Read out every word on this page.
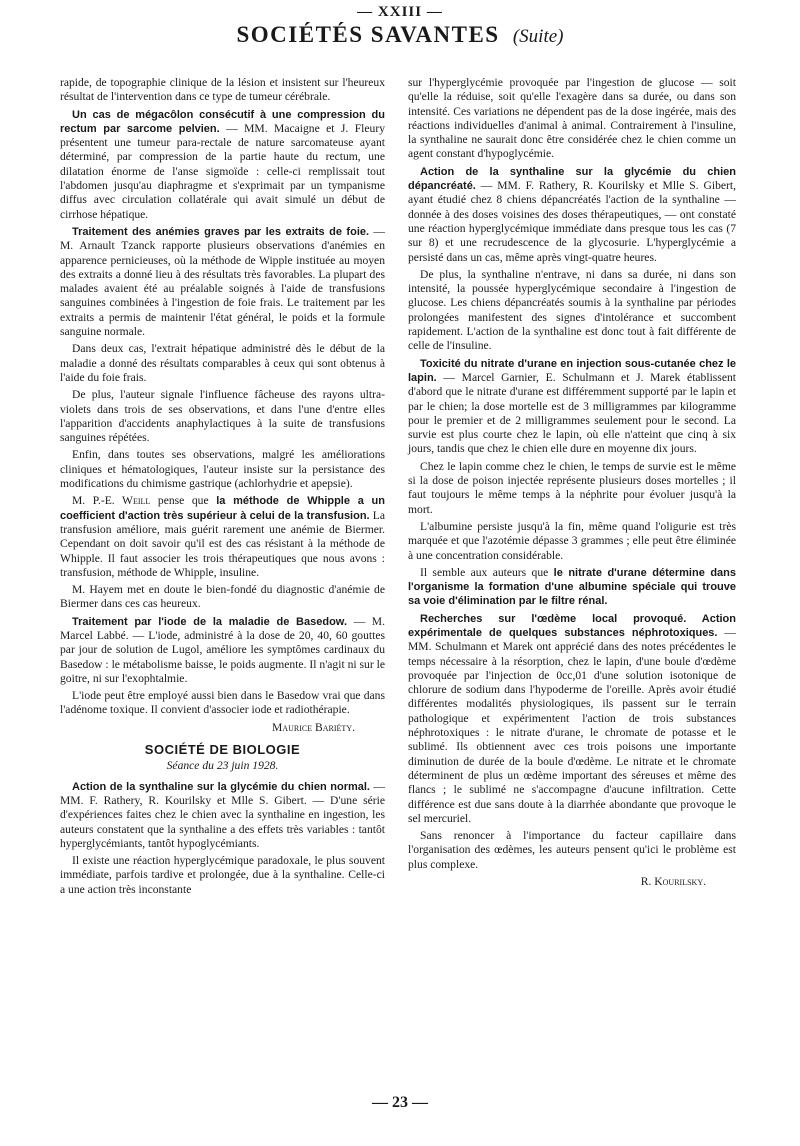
— XXIII —
SOCIÉTÉS SAVANTES (Suite)

rapide, de topographie clinique de la lésion et insistent sur l'heureux résultat de l'intervention dans ce type de tumeur cérébrale.

Un cas de mégacôlon consécutif à une compression du rectum par sarcome pelvien. — MM. Macaigne et J. Fleury présentent une tumeur para-rectale de nature sarcomateuse ayant déterminé, par compression de la partie haute du rectum, une dilatation énorme de l'anse sigmoïde : celle-ci remplissait tout l'abdomen jusqu'au diaphragme et s'exprimait par un tympanisme diffus avec circulation collatérale qui avait simulé un début de cirrhose hépatique.

Traitement des anémies graves par les extraits de foie. — M. Arnault Tzanck rapporte plusieurs observations d'anémies en apparence pernicieuses, où la méthode de Wipple instituée au moyen des extraits a donné lieu à des résultats très favorables. La plupart des malades avaient été au préalable soignés à l'aide de transfusions sanguines combinées à l'ingestion de foie frais. Le traitement par les extraits a permis de maintenir l'état général, le poids et la formule sanguine normale.

Dans deux cas, l'extrait hépatique administré dès le début de la maladie a donné des résultats comparables à ceux qui sont obtenus à l'aide du foie frais.

De plus, l'auteur signale l'influence fâcheuse des rayons ultra-violets dans trois de ses observations, et dans l'une d'entre elles l'apparition d'accidents anaphylactiques à la suite de transfusions sanguines répétées.

Enfin, dans toutes ses observations, malgré les améliorations cliniques et hématologiques, l'auteur insiste sur la persistance des modifications du chimisme gastrique (achlorhydrie et apepsie).

M. P.-E. Weill pense que la méthode de Whipple a un coefficient d'action très supérieur à celui de la transfusion. La transfusion améliore, mais guérit rarement une anémie de Biermer. Cependant on doit savoir qu'il est des cas résistant à la méthode de Whipple. Il faut associer les trois thérapeutiques que nous avons : transfusion, méthode de Whipple, insuline.

M. Hayem met en doute le bien-fondé du diagnostic d'anémie de Biermer dans ces cas heureux.

Traitement par l'iode de la maladie de Basedow. — M. Marcel Labbé. — L'iode, administré à la dose de 20, 40, 60 gouttes par jour de solution de Lugol, améliore les symptômes cardinaux du Basedow : le métabolisme baisse, le poids augmente. Il n'agit ni sur le goitre, ni sur l'exophtalmie.

L'iode peut être employé aussi bien dans le Basedow vrai que dans l'adénome toxique. Il convient d'associer iode et radiothérapie.

Maurice Bariéty.
SOCIÉTÉ DE BIOLOGIE
Séance du 23 juin 1928.

Action de la synthaline sur la glycémie du chien normal. — MM. F. Rathery, R. Kourilsky et Mlle S. Gibert. — D'une série d'expériences faites chez le chien avec la synthaline en ingestion, les auteurs constatent que la synthaline a des effets très variables : tantôt hyperglycémiants, tantôt hypoglycémiants.

Il existe une réaction hyperglycémique paradoxale, le plus souvent immédiate, parfois tardive et prolongée, due à la synthaline. Celle-ci a une action très inconstante

sur l'hyperglycémie provoquée par l'ingestion de glucose — soit qu'elle la réduise, soit qu'elle l'exagère dans sa durée, ou dans son intensité. Ces variations ne dépendent pas de la dose ingérée, mais des réactions individuelles d'animal à animal. Contrairement à l'insuline, la synthaline ne saurait donc être considérée chez le chien comme un agent constant d'hypoglycémie.

Action de la synthaline sur la glycémie du chien dépancréaté. — MM. F. Rathery, R. Kourilsky et Mlle S. Gibert, ayant étudié chez 8 chiens dépancréatés l'action de la synthaline — donnée à des doses voisines des doses thérapeutiques, — ont constaté une réaction hyperglycémique immédiate dans presque tous les cas (7 sur 8) et une recrudescence de la glycosurie. L'hyperglycémie a persisté dans un cas, même après vingt-quatre heures.

De plus, la synthaline n'entrave, ni dans sa durée, ni dans son intensité, la poussée hyperglycémique secondaire à l'ingestion de glucose. Les chiens dépancréatés soumis à la synthaline par périodes prolongées manifestent des signes d'intolérance et succombent rapidement. L'action de la synthaline est donc tout à fait différente de celle de l'insuline.

Toxicité du nitrate d'urane en injection sous-cutanée chez le lapin. — Marcel Garnier, E. Schulmann et J. Marek établissent d'abord que le nitrate d'urane est différemment supporté par le lapin et par le chien; la dose mortelle est de 3 milligrammes par kilogramme pour le premier et de 2 milligrammes seulement pour le second. La survie est plus courte chez le lapin, où elle n'atteint que cinq à six jours, tandis que chez le chien elle dure en moyenne dix jours.

Chez le lapin comme chez le chien, le temps de survie est le même si la dose de poison injectée représente plusieurs doses mortelles ; il faut toujours le même temps à la néphrite pour évoluer jusqu'à la mort.

L'albumine persiste jusqu'à la fin, même quand l'oligurie est très marquée et que l'azotémie dépasse 3 grammes ; elle peut être éliminée à une concentration considérable.

Il semble aux auteurs que le nitrate d'urane détermine dans l'organisme la formation d'une albumine spéciale qui trouve sa voie d'élimination par le filtre rénal.

Recherches sur l'œdème local provoqué. Action expérimentale de quelques substances néphrotoxiques. — MM. Schulmann et Marek ont apprécié dans des notes précédentes le temps nécessaire à la résorption, chez le lapin, d'une boule d'œdème provoquée par l'injection de 0cc,01 d'une solution isotonique de chlorure de sodium dans l'hypoderme de l'oreille. Après avoir étudié différentes modalités physiologiques, ils passent sur le terrain pathologique et expérimentent l'action de trois substances néphrotoxiques : le nitrate d'urane, le chromate de potasse et le sublimé. Ils obtiennent avec ces trois poisons une importante diminution de durée de la boule d'œdème. Le nitrate et le chromate déterminent de plus un œdème important des séreuses et même des flancs ; le sublimé ne s'accompagne d'aucune infiltration. Cette différence est due sans doute à la diarrhée abondante que provoque le sel mercuriel.

Sans renoncer à l'importance du facteur capillaire dans l'organisation des œdèmes, les auteurs pensent qu'ici le problème est plus complexe.

R. Kourilsky.
— 23 —
